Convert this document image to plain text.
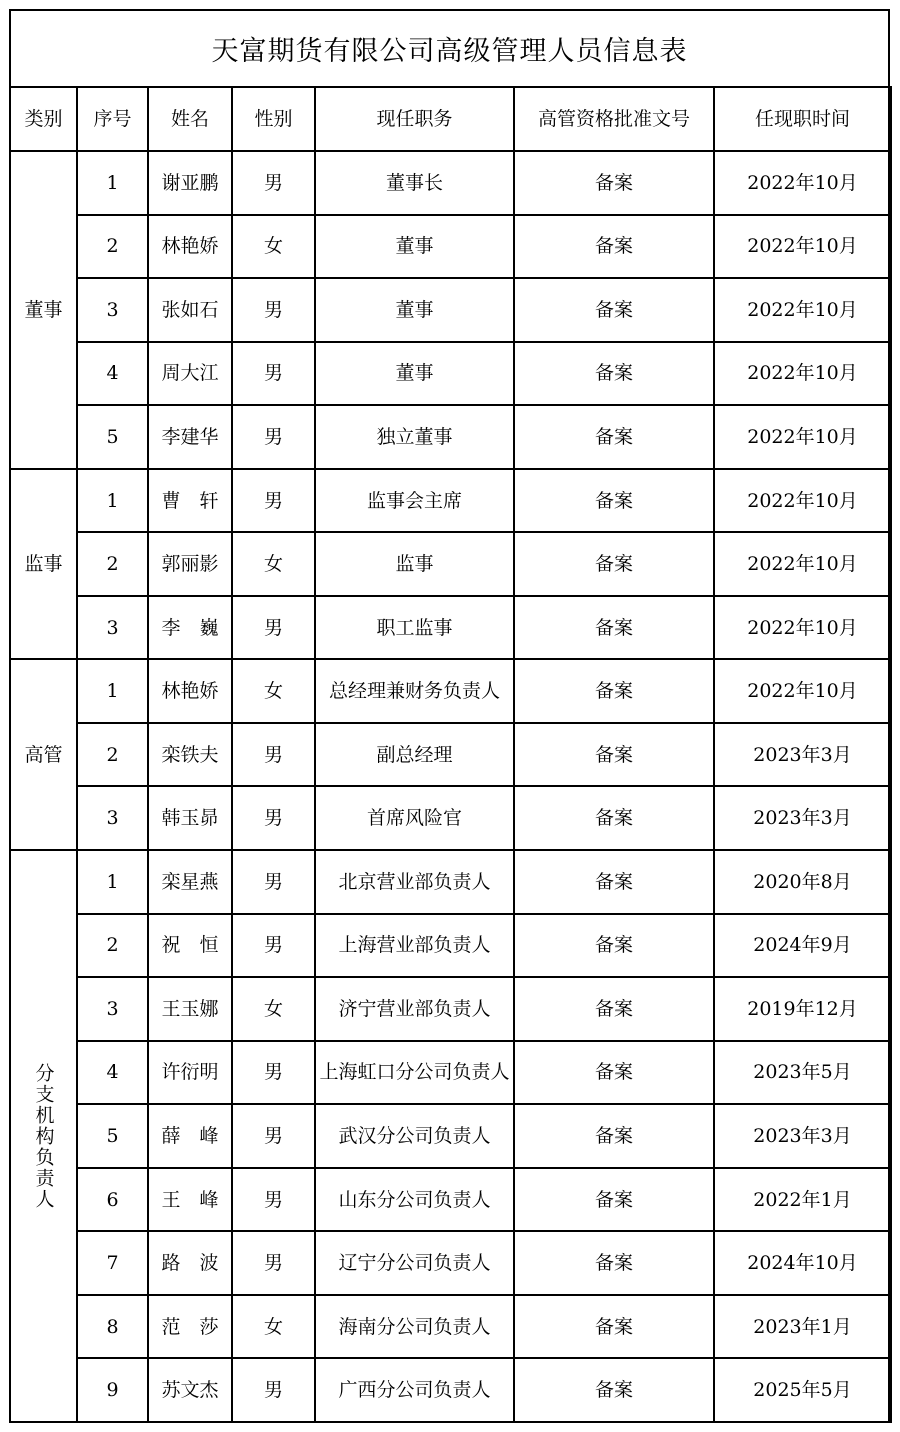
天富期货有限公司高级管理人员信息表
类别	序号	姓名	性别	现任职务	高管资格批准文号	任现职时间
董事	1	谢亚鹏	男	董事长	备案	2022年10月
	2	林艳娇	女	董事	备案	2022年10月
	3	张如石	男	董事	备案	2022年10月
	4	周大江	男	董事	备案	2022年10月
	5	李建华	男	独立董事	备案	2022年10月
监事	1	曹　轩	男	监事会主席	备案	2022年10月
	2	郭丽影	女	监事	备案	2022年10月
	3	李　巍	男	职工监事	备案	2022年10月
高管	1	林艳娇	女	总经理兼财务负责人	备案	2022年10月
	2	栾铁夫	男	副总经理	备案	2023年3月
	3	韩玉昴	男	首席风险官	备案	2023年3月
分支机构负责人	1	栾星燕	男	北京营业部负责人	备案	2020年8月
	2	祝　恒	男	上海营业部负责人	备案	2024年9月
	3	王玉娜	女	济宁营业部负责人	备案	2019年12月
	4	许衍明	男	上海虹口分公司负责人	备案	2023年5月
	5	薛　峰	男	武汉分公司负责人	备案	2023年3月
	6	王　峰	男	山东分公司负责人	备案	2022年1月
	7	路　波	男	辽宁分公司负责人	备案	2024年10月
	8	范　莎	女	海南分公司负责人	备案	2023年1月
	9	苏文杰	男	广西分公司负责人	备案	2025年5月
